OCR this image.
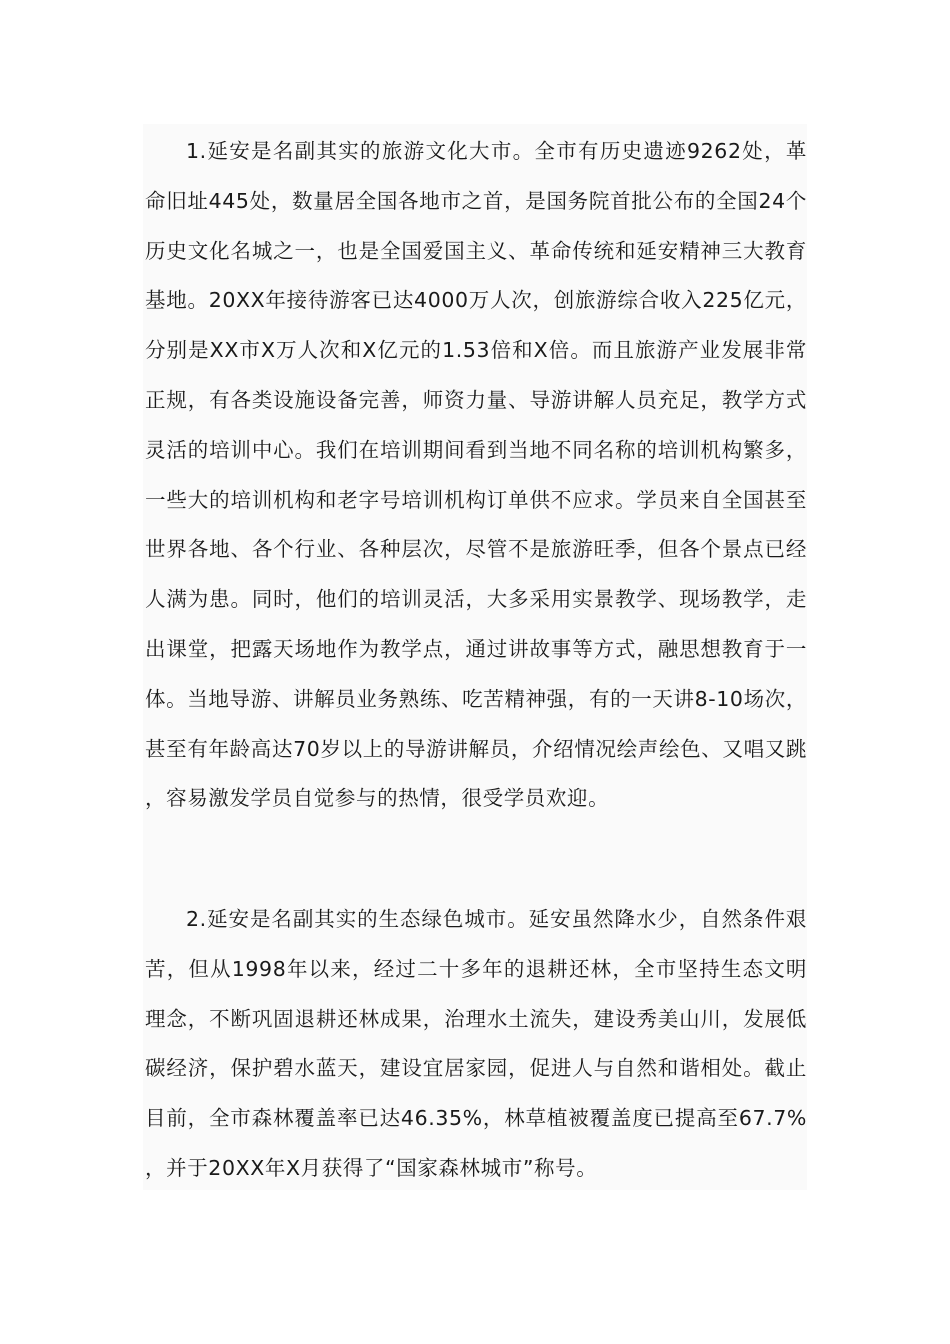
1.延安是名副其实的旅游文化大市。全市有历史遗迹9262处，革命旧址445处，数量居全国各地市之首，是国务院首批公布的全国24个历史文化名城之一，也是全国爱国主义、革命传统和延安精神三大教育基地。20XX年接待游客已达4000万人次，创旅游综合收入225亿元，分别是XX市X万人次和X亿元的1.53倍和X倍。而且旅游产业发展非常正规，有各类设施设备完善，师资力量、导游讲解人员充足，教学方式灵活的培训中心。我们在培训期间看到当地不同名称的培训机构繁多，一些大的培训机构和老字号培训机构订单供不应求。学员来自全国甚至世界各地、各个行业、各种层次，尽管不是旅游旺季，但各个景点已经人满为患。同时，他们的培训灵活，大多采用实景教学、现场教学，走出课堂，把露天场地作为教学点，通过讲故事等方式，融思想教育于一体。当地导游、讲解员业务熟练、吃苦精神强，有的一天讲8-10场次，甚至有年龄高达70岁以上的导游讲解员，介绍情况绘声绘色、又唱又跳，容易激发学员自觉参与的热情，很受学员欢迎。

2.延安是名副其实的生态绿色城市。延安虽然降水少，自然条件艰苦，但从1998年以来，经过二十多年的退耕还林，全市坚持生态文明理念，不断巩固退耕还林成果，治理水土流失，建设秀美山川，发展低碳经济，保护碧水蓝天，建设宜居家园，促进人与自然和谐相处。截止目前，全市森林覆盖率已达46.35%，林草植被覆盖度已提高至67.7%，并于20XX年X月获得了“国家森林城市”称号。
